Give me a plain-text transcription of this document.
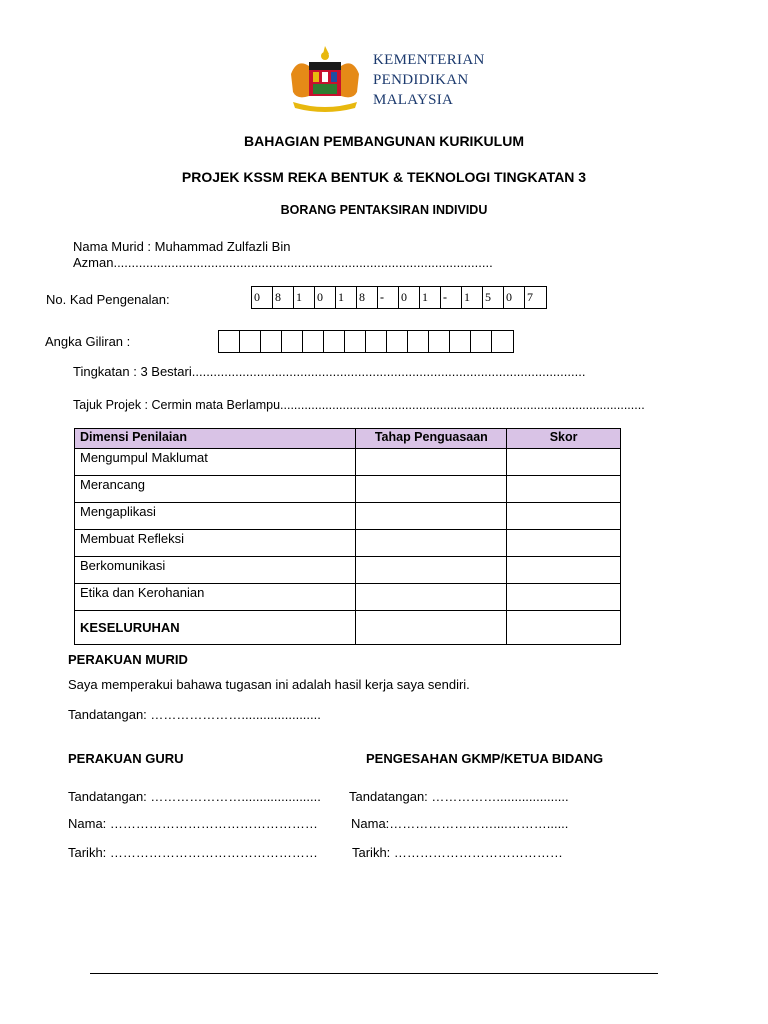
KEMENTERIAN
PENDIDIKAN
MALAYSIA
BAHAGIAN PEMBANGUNAN KURIKULUM
PROJEK KSSM REKA BENTUK & TEKNOLOGI TINGKATAN 3
BORANG PENTAKSIRAN INDIVIDU
Nama Murid : Muhammad Zulfazli Bin
Azman.........................................................................................................
No. Kad Pengenalan:	0	8	1	0	1	8	-	0	1	-	1	5	0	7
Angka Giliran :
Tingkatan : 3 Bestari.............................................................................................................
Tajuk Projek : Cermin mata Berlampu.........................................................................................................
Dimensi Penilaian	Tahap Penguasaan	Skor
Mengumpul Maklumat		
Merancang		
Mengaplikasi		
Membuat Refleksi		
Berkomunikasi		
Etika dan Kerohanian		
KESELURUHAN		
PERAKUAN MURID
Saya memperakui bahawa tugasan ini adalah hasil kerja saya sendiri.
Tandatangan: …………………......................
PERAKUAN GURU
Tandatangan: …………………......................
Nama: …………………………………………
Tarikh: …………………………………………
PENGESAHAN GKMP/KETUA BIDANG
Tandatangan: ……………....................
Nama:……………………....………......
Tarikh: …………………………………
